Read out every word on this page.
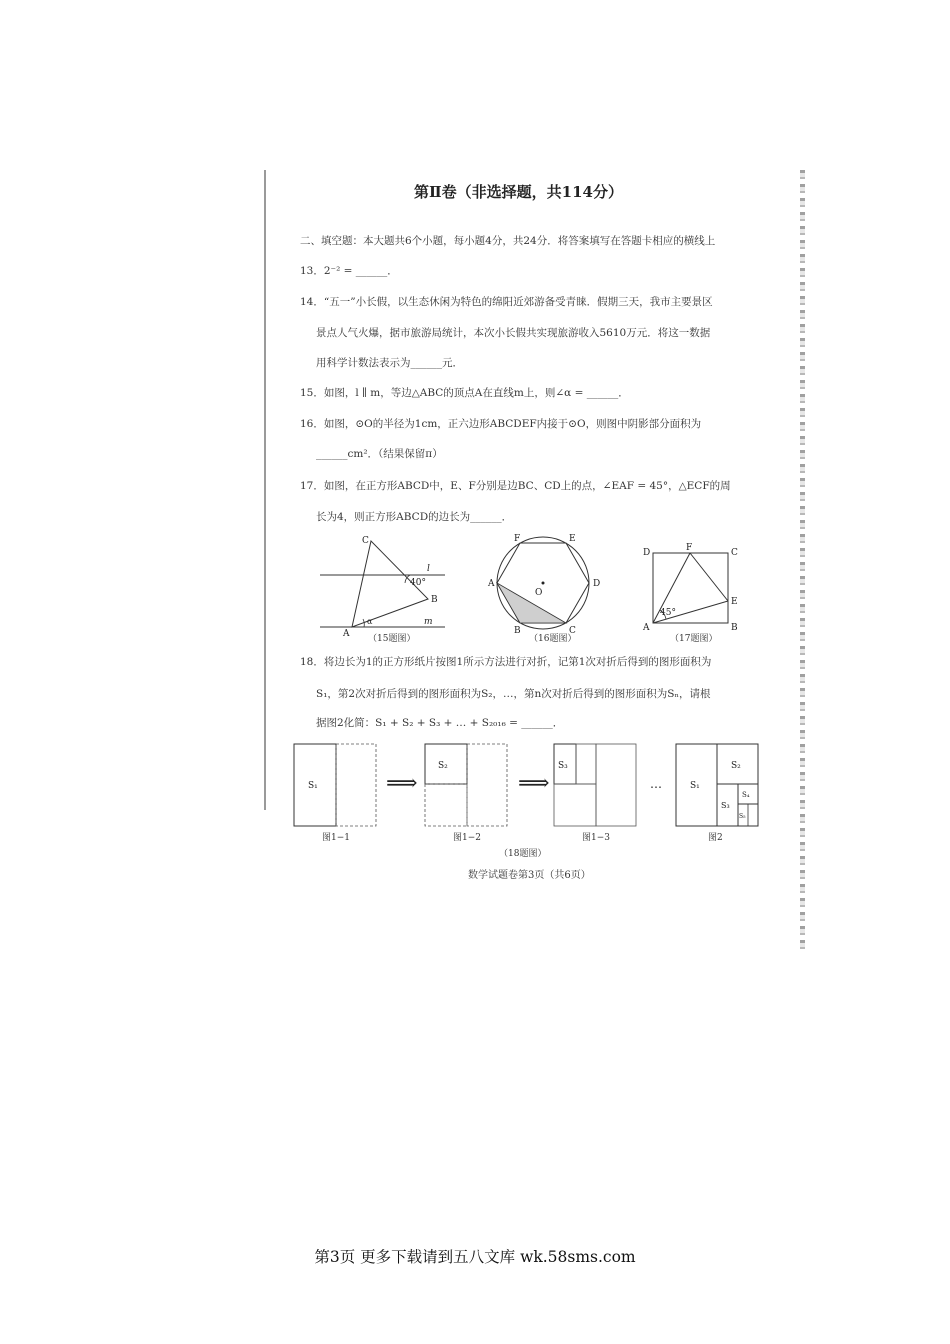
第Ⅱ卷（非选择题，共114分）
二、填空题：本大题共6个小题，每小题4分，共24分．将答案填写在答题卡相应的横线上
13．2⁻² = ______．
14．“五一”小长假，以生态休闲为特色的绵阳近郊游备受青睐．假期三天，我市主要景区
景点人气火爆，据市旅游局统计，本次小长假共实现旅游收入5610万元．将这一数据
用科学计数法表示为______元．
15．如图，l ∥ m，等边△ABC的顶点A在直线m上，则∠α = ______．
16．如图，⊙O的半径为1cm，正六边形ABCDEF内接于⊙O，则图中阴影部分面积为
______cm²．（结果保留π）
17．如图，在正方形ABCD中，E、F分别是边BC、CD上的点，∠EAF = 45°，△ECF的周
长为4，则正方形ABCD的边长为______．
C
B
A
l
m
α
40°
（15题图）
F	E
A	D
B	C
O
（16题图）
D	F	C
A	B
E
45°
（17题图）
18．将边长为1的正方形纸片按图1所示方法进行对折，记第1次对折后得到的图形面积为
S₁，第2次对折后得到的图形面积为S₂，…，第n次对折后得到的图形面积为Sₙ，请根
据图2化简：S₁ + S₂ + S₃ + … + S₂₀₁₆ = ______．
S₁	⟹
S₂
⟹
S₃
…	S₁
S₂
S₃
S₄
S₅
图1−1	图1−2	图1−3	图2
（18题图）
数学试题卷第3页（共6页）
第3页 更多下载请到五八文库 wk.58sms.com
